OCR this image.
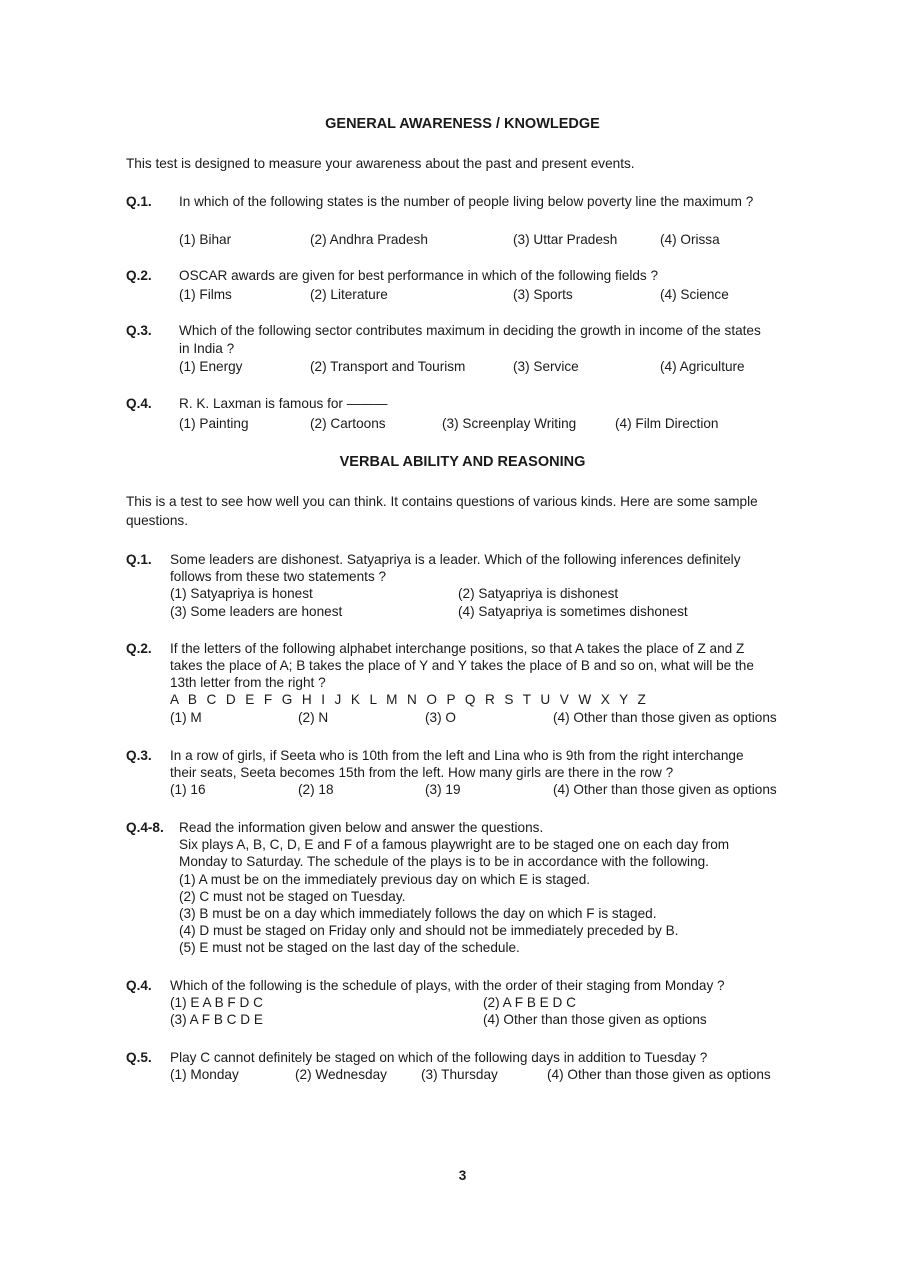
GENERAL AWARENESS / KNOWLEDGE
This test is designed to measure your awareness about the past and present events.
Q.1. In which of the following states is the number of people living below poverty line the maximum ?
(1) Bihar	(2) Andhra Pradesh	(3) Uttar Pradesh	(4) Orissa
Q.2. OSCAR awards are given for best performance in which of the following fields ?
(1) Films	(2) Literature	(3) Sports	(4) Science
Q.3. Which of the following sector contributes maximum in deciding the growth in income of the states
in India ?
(1) Energy	(2) Transport and Tourism	(3) Service	(4) Agriculture
Q.4. R. K. Laxman is famous for ———
(1) Painting	(2) Cartoons	(3) Screenplay Writing	(4) Film Direction
VERBAL ABILITY AND REASONING
This is a test to see how well you can think. It contains questions of various kinds. Here are some sample
questions.
Q.1. Some leaders are dishonest. Satyapriya is a leader. Which of the following inferences definitely
follows from these two statements ?
(1) Satyapriya is honest	(2) Satyapriya is dishonest
(3) Some leaders are honest	(4) Satyapriya is sometimes dishonest
Q.2. If the letters of the following alphabet interchange positions, so that A takes the place of Z and Z
takes the place of A; B takes the place of Y and Y takes the place of B and so on, what will be the
13th letter from the right ?
A  B  C  D  E  F  G  H  I  J  K  L  M  N  O  P  Q  R  S  T  U  V  W  X  Y  Z
(1) M	(2) N	(3) O	(4) Other than those given as options
Q.3. In a row of girls, if Seeta who is 10th from the left and Lina who is 9th from the right interchange
their seats, Seeta becomes 15th from the left. How many girls are there in the row ?
(1) 16	(2) 18	(3) 19	(4) Other than those given as options
Q.4-8. Read the information given below and answer the questions.
Six plays A, B, C, D, E and F of a famous playwright are to be staged one on each day from
Monday to Saturday. The schedule of the plays is to be in accordance with the following.
(1) A must be on the immediately previous day on which E is staged.
(2) C must not be staged on Tuesday.
(3) B must be on a day which immediately follows the day on which F is staged.
(4) D must be staged on Friday only and should not be immediately preceded by B.
(5) E must not be staged on the last day of the schedule.
Q.4. Which of the following is the schedule of plays, with the order of their staging from Monday ?
(1) E A B F D C	(2) A F B E D C
(3) A F B C D E	(4) Other than those given as options
Q.5. Play C cannot definitely be staged on which of the following days in addition to Tuesday ?
(1) Monday	(2) Wednesday	(3) Thursday	(4) Other than those given as options
3
